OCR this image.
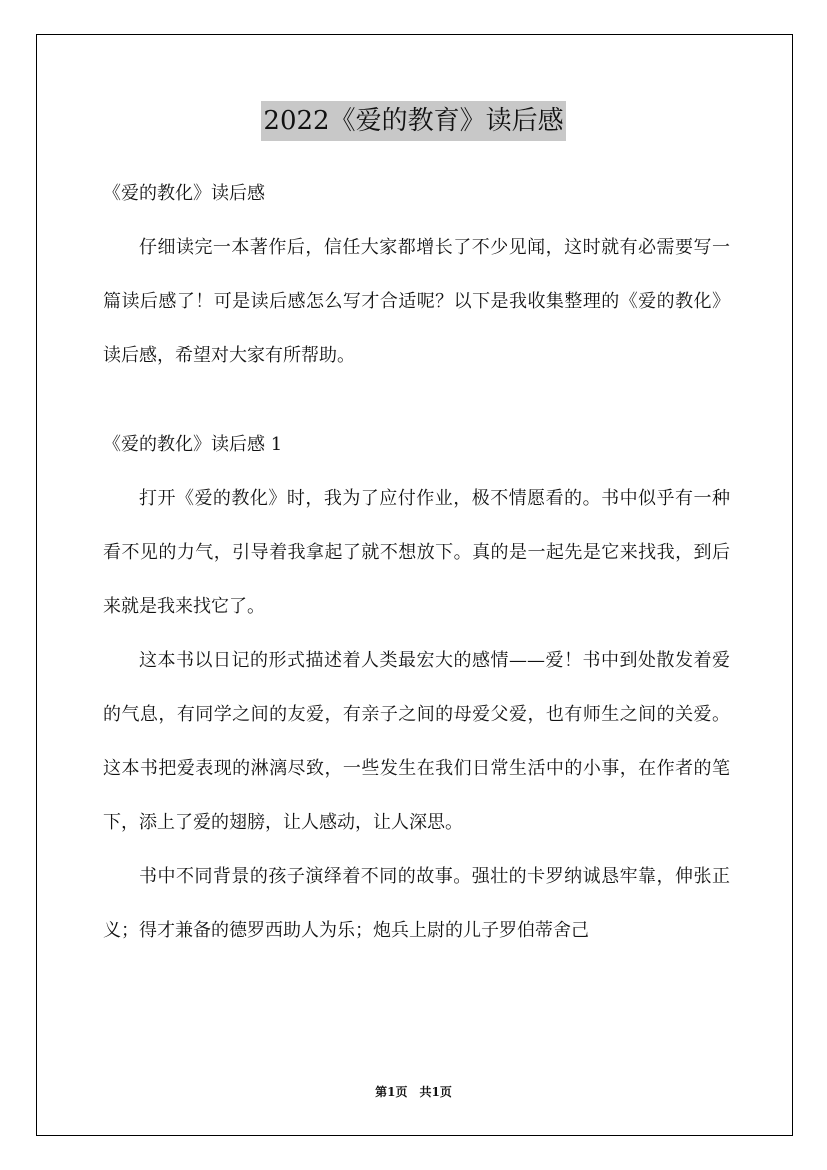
2022《爱的教育》读后感
《爱的教化》读后感

仔细读完一本著作后，信任大家都增长了不少见闻，这时就有必需要写一篇读后感了！可是读后感怎么写才合适呢？以下是我收集整理的《爱的教化》读后感，希望对大家有所帮助。

《爱的教化》读后感 1

打开《爱的教化》时，我为了应付作业，极不情愿看的。书中似乎有一种看不见的力气，引导着我拿起了就不想放下。真的是一起先是它来找我，到后来就是我来找它了。

这本书以日记的形式描述着人类最宏大的感情——爱！书中到处散发着爱的气息，有同学之间的友爱，有亲子之间的母爱父爱，也有师生之间的关爱。这本书把爱表现的淋漓尽致，一些发生在我们日常生活中的小事，在作者的笔下，添上了爱的翅膀，让人感动，让人深思。

书中不同背景的孩子演绎着不同的故事。强壮的卡罗纳诚恳牢靠，伸张正义；得才兼备的德罗西助人为乐；炮兵上尉的儿子罗伯蒂舍己

第1页　共1页
